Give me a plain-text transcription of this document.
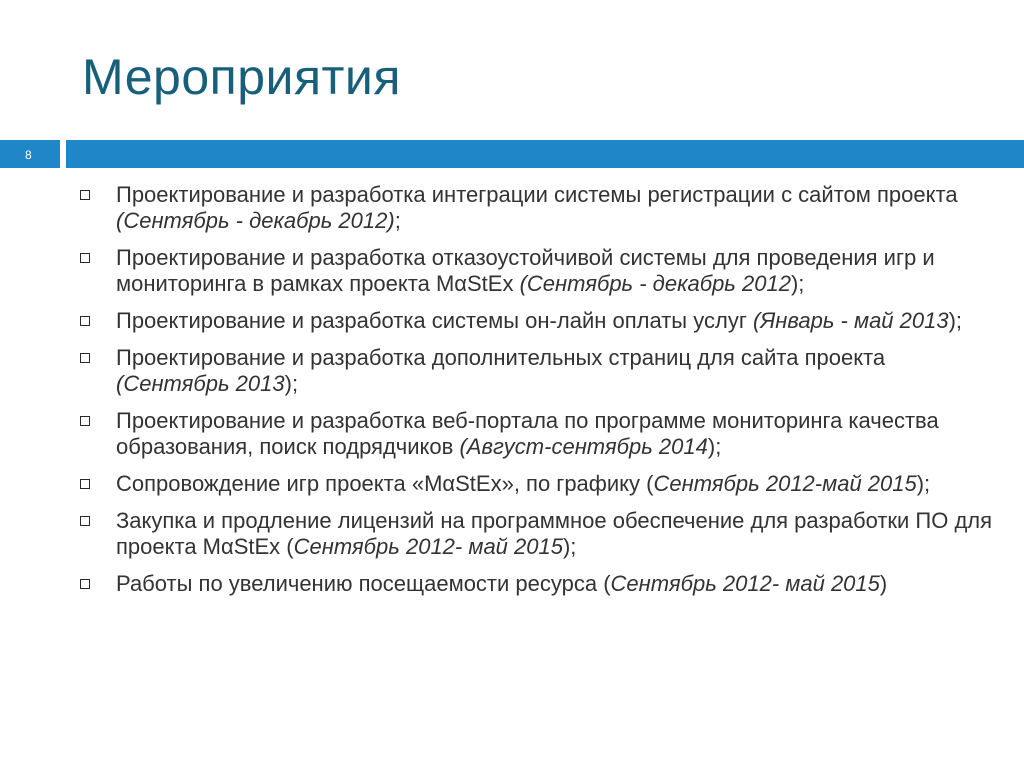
Мероприятия
8
Проектирование и разработка интеграции системы регистрации с сайтом проекта (Сентябрь - декабрь 2012);
Проектирование и разработка отказоустойчивой системы для проведения игр и мониторинга в рамках проекта MαStEx (Сентябрь - декабрь 2012);
Проектирование и разработка системы он-лайн оплаты услуг (Январь - май 2013);
Проектирование и разработка дополнительных страниц для сайта проекта (Сентябрь 2013);
Проектирование и разработка веб-портала по программе мониторинга качества образования, поиск подрядчиков (Август-сентябрь 2014);
Сопровождение игр проекта «MαStEx», по графику (Сентябрь 2012-май 2015);
Закупка и продление лицензий на программное обеспечение для разработки ПО для проекта MαStEx (Сентябрь 2012- май 2015);
Работы по увеличению посещаемости ресурса (Сентябрь 2012- май 2015)
